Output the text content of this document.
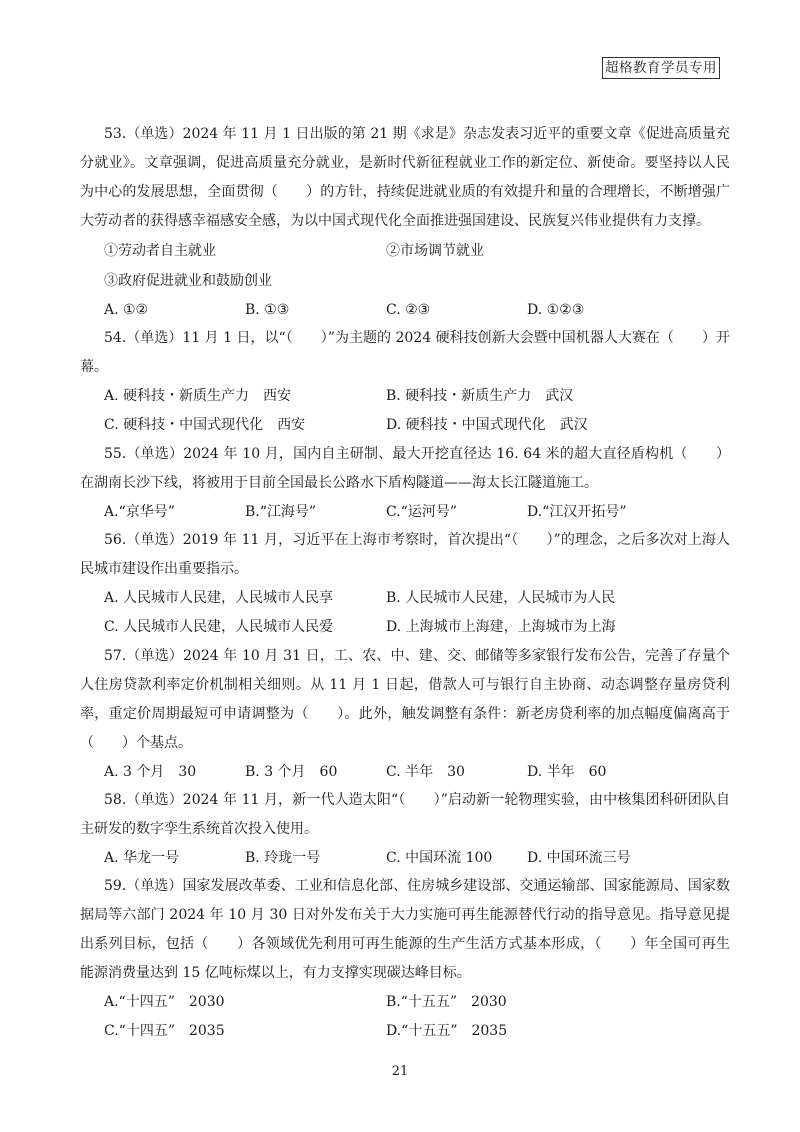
超格教育学员专用

53.（单选）2024 年 11 月 1 日出版的第 21 期《求是》杂志发表习近平的重要文章《促进高质量充分就业》。文章强调，促进高质量充分就业，是新时代新征程就业工作的新定位、新使命。要坚持以人民为中心的发展思想，全面贯彻（　　）的方针，持续促进就业质的有效提升和量的合理增长，不断增强广大劳动者的获得感幸福感安全感，为以中国式现代化全面推进强国建设、民族复兴伟业提供有力支撑。

①劳动者自主就业	②市场调节就业
③政府促进就业和鼓励创业
A. ①②	B. ①③	C. ②③	D. ①②③

54.（单选）11 月 1 日，以“（　　）”为主题的 2024 硬科技创新大会暨中国机器人大赛在（　　）开幕。

A. 硬科技・新质生产力　西安	B. 硬科技・新质生产力　武汉
C. 硬科技・中国式现代化　西安	D. 硬科技・中国式现代化　武汉

55.（单选）2024 年 10 月，国内自主研制、最大开挖直径达 16. 64 米的超大直径盾构机（　　）在湖南长沙下线，将被用于目前全国最长公路水下盾构隧道——海太长江隧道施工。

A.“京华号”	B.“江海号”	C.“运河号”	D.“江汉开拓号”

56.（单选）2019 年 11 月，习近平在上海市考察时，首次提出“（　　）”的理念，之后多次对上海人民城市建设作出重要指示。

A. 人民城市人民建，人民城市人民享	B. 人民城市人民建，人民城市为人民
C. 人民城市人民建，人民城市人民爱	D. 上海城市上海建，上海城市为上海

57.（单选）2024 年 10 月 31 日，工、农、中、建、交、邮储等多家银行发布公告，完善了存量个人住房贷款利率定价机制相关细则。从 11 月 1 日起，借款人可与银行自主协商、动态调整存量房贷利率，重定价周期最短可申请调整为（　　）。此外，触发调整有条件：新老房贷利率的加点幅度偏离高于（　　）个基点。

A. 3 个月　30	B. 3 个月　60	C. 半年　30	D. 半年　60

58.（单选）2024 年 11 月，新一代人造太阳“（　　）”启动新一轮物理实验，由中核集团科研团队自主研发的数字孪生系统首次投入使用。

A. 华龙一号	B. 玲珑一号	C. 中国环流 100	D. 中国环流三号

59.（单选）国家发展改革委、工业和信息化部、住房城乡建设部、交通运输部、国家能源局、国家数据局等六部门 2024 年 10 月 30 日对外发布关于大力实施可再生能源替代行动的指导意见。指导意见提出系列目标，包括（　　）各领域优先利用可再生能源的生产生活方式基本形成，（　　）年全国可再生能源消费量达到 15 亿吨标煤以上，有力支撑实现碳达峰目标。

A.“十四五”　2030	B.“十五五”　2030
C.“十四五”　2035	D.“十五五”　2035
21
